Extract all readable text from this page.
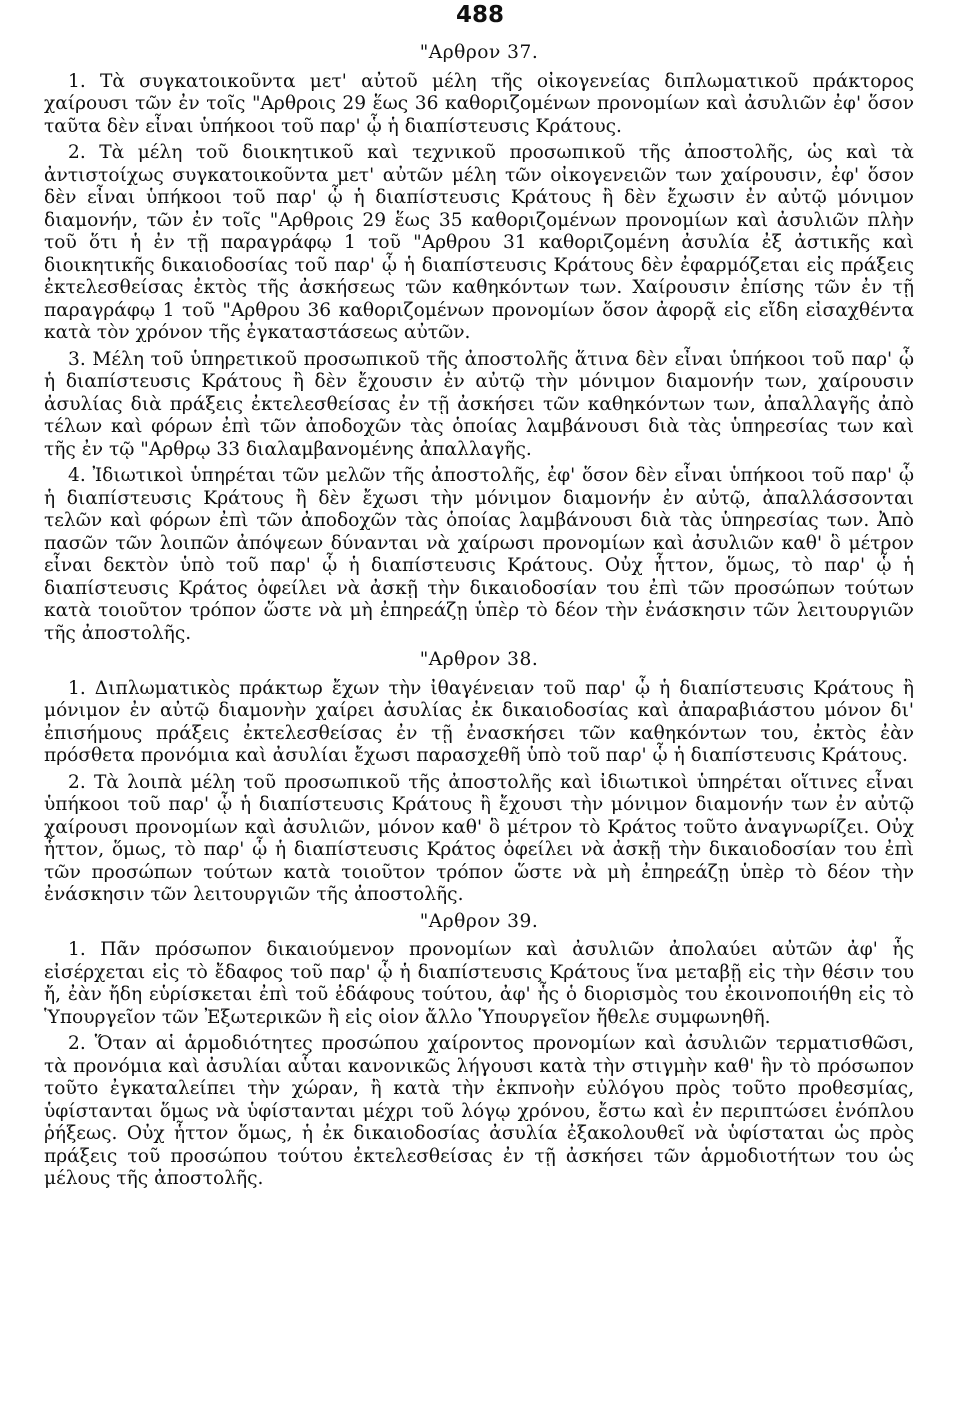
488
"Αρθρον 37.

1. Τὰ συγκατοικοῦντα μετ' αὐτοῦ μέλη τῆς οἰκογενείας διπλωματικοῦ πράκτορος χαίρουσι τῶν ἐν τοῖς "Αρθροις 29 ἕως 36 καθοριζομένων προνομίων καὶ ἀσυλιῶν ἐφ' ὅσον ταῦτα δὲν εἶναι ὑπήκοοι τοῦ παρ' ᾧ ἡ διαπίστευσις Κράτους.

2. Τὰ μέλη τοῦ διοικητικοῦ καὶ τεχνικοῦ προσωπικοῦ τῆς ἀποστολῆς, ὡς καὶ τὰ ἀντιστοίχως συγκατοικοῦντα μετ' αὐτῶν μέλη τῶν οἰκογενειῶν των χαίρουσιν, ἐφ' ὅσον δὲν εἶναι ὑπήκοοι τοῦ παρ' ᾧ ἡ διαπίστευσις Κράτους ἢ δὲν ἔχωσιν ἐν αὐτῷ μόνιμον διαμονήν, τῶν ἐν τοῖς "Αρθροις 29 ἕως 35 καθοριζομένων προνομίων καὶ ἀσυλιῶν πλὴν τοῦ ὅτι ἡ ἐν τῇ παραγράφῳ 1 τοῦ "Αρθρου 31 καθοριζομένη ἀσυλία ἐξ ἀστικῆς καὶ διοικητικῆς δικαιοδοσίας τοῦ παρ' ᾧ ἡ διαπίστευσις Κράτους δὲν ἐφαρμόζεται εἰς πράξεις ἐκτελεσθείσας ἐκτὸς τῆς ἀσκήσεως τῶν καθηκόντων των. Χαίρουσιν ἐπίσης τῶν ἐν τῇ παραγράφῳ 1 τοῦ "Αρθρου 36 καθοριζομένων προνομίων ὅσον ἀφορᾷ εἰς εἴδη εἰσαχθέντα κατὰ τὸν χρόνον τῆς ἐγκαταστάσεως αὐτῶν.

3. Μέλη τοῦ ὑπηρετικοῦ προσωπικοῦ τῆς ἀποστολῆς ἅτινα δὲν εἶναι ὑπήκοοι τοῦ παρ' ᾧ ἡ διαπίστευσις Κράτους ἢ δὲν ἔχουσιν ἐν αὐτῷ τὴν μόνιμον διαμονήν των, χαίρουσιν ἀσυλίας διὰ πράξεις ἐκτελεσθείσας ἐν τῇ ἀσκήσει τῶν καθηκόντων των, ἀπαλλαγῆς ἀπὸ τέλων καὶ φόρων ἐπὶ τῶν ἀποδοχῶν τὰς ὁποίας λαμβάνουσι διὰ τὰς ὑπηρεσίας των καὶ τῆς ἐν τῷ "Αρθρῳ 33 διαλαμβανομένης ἀπαλλαγῆς.

4. Ἰδιωτικοὶ ὑπηρέται τῶν μελῶν τῆς ἀποστολῆς, ἐφ' ὅσον δὲν εἶναι ὑπήκοοι τοῦ παρ' ᾧ ἡ διαπίστευσις Κράτους ἢ δὲν ἔχωσι τὴν μόνιμον διαμονήν ἐν αὐτῷ, ἀπαλλάσσονται τελῶν καὶ φόρων ἐπὶ τῶν ἀποδοχῶν τὰς ὁποίας λαμβάνουσι διὰ τὰς ὑπηρεσίας των. Ἀπὸ πασῶν τῶν λοιπῶν ἀπόψεων δύνανται νὰ χαίρωσι προνομίων καὶ ἀσυλιῶν καθ' ὃ μέτρον εἶναι δεκτὸν ὑπὸ τοῦ παρ' ᾧ ἡ διαπίστευσις Κράτους. Οὐχ ἧττον, ὅμως, τὸ παρ' ᾧ ἡ διαπίστευσις Κράτος ὀφείλει νὰ ἀσκῇ τὴν δικαιοδοσίαν του ἐπὶ τῶν προσώπων τούτων κατὰ τοιοῦτον τρόπον ὥστε νὰ μὴ ἐπηρεάζῃ ὑπὲρ τὸ δέον τὴν ἐνάσκησιν τῶν λειτουργιῶν τῆς ἀποστολῆς.

"Αρθρον 38.

1. Διπλωματικὸς πράκτωρ ἔχων τὴν ἰθαγένειαν τοῦ παρ' ᾧ ἡ διαπίστευσις Κράτους ἢ μόνιμον ἐν αὐτῷ διαμονὴν χαίρει ἀσυλίας ἐκ δικαιοδοσίας καὶ ἀπαραβιάστου μόνον δι' ἐπισήμους πράξεις ἐκτελεσθείσας ἐν τῇ ἐνασκήσει τῶν καθηκόντων του, ἐκτὸς ἐὰν πρόσθετα προνόμια καὶ ἀσυλίαι ἔχωσι παρασχεθῆ ὑπὸ τοῦ παρ' ᾧ ἡ διαπίστευσις Κράτους.

2. Τὰ λοιπὰ μέλη τοῦ προσωπικοῦ τῆς ἀποστολῆς καὶ ἰδιωτικοὶ ὑπηρέται οἵτινες εἶναι ὑπήκοοι τοῦ παρ' ᾧ ἡ διαπίστευσις Κράτους ἢ ἔχουσι τὴν μόνιμον διαμονήν των ἐν αὐτῷ χαίρουσι προνομίων καὶ ἀσυλιῶν, μόνον καθ' ὃ μέτρον τὸ Κράτος τοῦτο ἀναγνωρίζει. Οὐχ ἧττον, ὅμως, τὸ παρ' ᾧ ἡ διαπίστευσις Κράτος ὀφείλει νὰ ἀσκῇ τὴν δικαιοδοσίαν του ἐπὶ τῶν προσώπων τούτων κατὰ τοιοῦτον τρόπον ὥστε νὰ μὴ ἐπηρεάζῃ ὑπὲρ τὸ δέον τὴν ἐνάσκησιν τῶν λειτουργιῶν τῆς ἀποστολῆς.

"Αρθρον 39.

1. Πᾶν πρόσωπον δικαιούμενον προνομίων καὶ ἀσυλιῶν ἀπολαύει αὐτῶν ἀφ' ἧς εἰσέρχεται εἰς τὸ ἔδαφος τοῦ παρ' ᾧ ἡ διαπίστευσις Κράτους ἵνα μεταβῇ εἰς τὴν θέσιν του ἤ, ἐὰν ἤδη εὑρίσκεται ἐπὶ τοῦ ἐδάφους τούτου, ἀφ' ἧς ὁ διορισμὸς του ἐκοινοποιήθη εἰς τὸ Ὑπουργεῖον τῶν Ἐξωτερικῶν ἢ εἰς οἱον ἄλλο Ὑπουργεῖον ἤθελε συμφωνηθῆ.

2. Ὅταν αἱ ἁρμοδιότητες προσώπου χαίροντος προνομίων καὶ ἀσυλιῶν τερματισθῶσι, τὰ προνόμια καὶ ἀσυλίαι αὗται κανονικῶς λήγουσι κατὰ τὴν στιγμὴν καθ' ἣν τὸ πρόσωπον τοῦτο ἐγκαταλείπει τὴν χώραν, ἢ κατὰ τὴν ἐκπνοὴν εὐλόγου πρὸς τοῦτο προθεσμίας, ὑφίστανται ὅμως νὰ ὑφίστανται μέχρι τοῦ λόγῳ χρόνου, ἔστω καὶ ἐν περιπτώσει ἐνόπλου ῥήξεως. Οὐχ ἧττον ὅμως, ἡ ἐκ δικαιοδοσίας ἀσυλία ἐξακολουθεῖ νὰ ὑφίσταται ὡς πρὸς πράξεις τοῦ προσώπου τούτου ἐκτελεσθείσας ἐν τῇ ἀσκήσει τῶν ἁρμοδιοτήτων του ὡς μέλους τῆς ἀποστολῆς.
